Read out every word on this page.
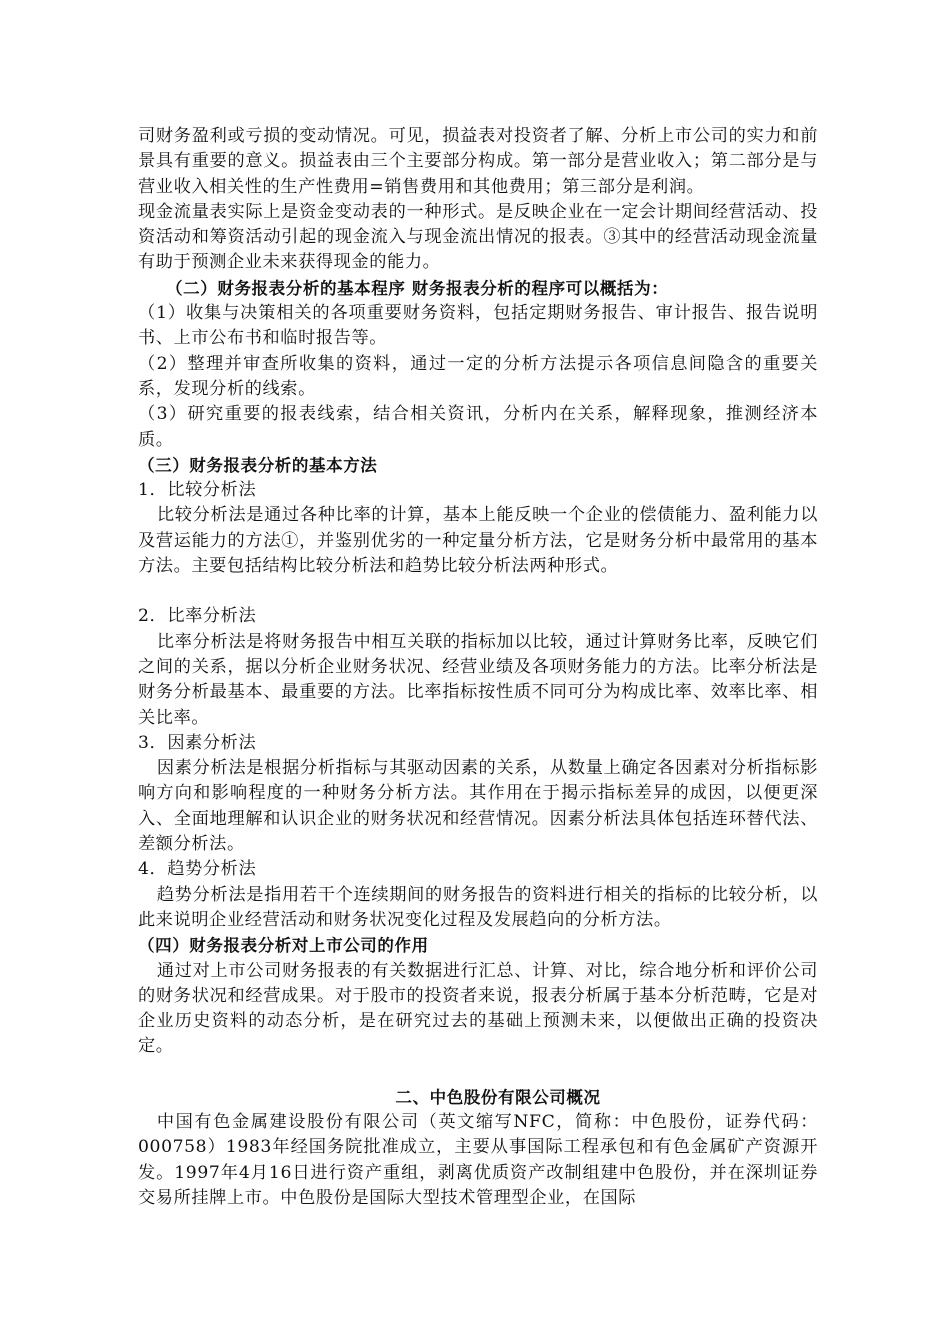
司财务盈利或亏损的变动情况。可见，损益表对投资者了解、分析上市公司的实力和前景具有重要的意义。损益表由三个主要部分构成。第一部分是营业收入；第二部分是与营业收入相关性的生产性费用=销售费用和其他费用；第三部分是利润。

现金流量表实际上是资金变动表的一种形式。是反映企业在一定会计期间经营活动、投资活动和筹资活动引起的现金流入与现金流出情况的报表。③其中的经营活动现金流量有助于预测企业未来获得现金的能力。

（二）财务报表分析的基本程序 财务报表分析的程序可以概括为：

（1）收集与决策相关的各项重要财务资料，包括定期财务报告、审计报告、报告说明书、上市公布书和临时报告等。

（2）整理并审查所收集的资料，通过一定的分析方法提示各项信息间隐含的重要关系，发现分析的线索。

（3）研究重要的报表线索，结合相关资讯，分析内在关系，解释现象，推测经济本质。

（三）财务报表分析的基本方法

1．比较分析法

比较分析法是通过各种比率的计算，基本上能反映一个企业的偿债能力、盈利能力以及营运能力的方法①，并鉴别优劣的一种定量分析方法，它是财务分析中最常用的基本方法。主要包括结构比较分析法和趋势比较分析法两种形式。

2．比率分析法

比率分析法是将财务报告中相互关联的指标加以比较，通过计算财务比率，反映它们之间的关系，据以分析企业财务状况、经营业绩及各项财务能力的方法。比率分析法是财务分析最基本、最重要的方法。比率指标按性质不同可分为构成比率、效率比率、相关比率。

3．因素分析法

因素分析法是根据分析指标与其驱动因素的关系，从数量上确定各因素对分析指标影响方向和影响程度的一种财务分析方法。其作用在于揭示指标差异的成因，以便更深入、全面地理解和认识企业的财务状况和经营情况。因素分析法具体包括连环替代法、差额分析法。

4．趋势分析法

趋势分析法是指用若干个连续期间的财务报告的资料进行相关的指标的比较分析，以此来说明企业经营活动和财务状况变化过程及发展趋向的分析方法。

（四）财务报表分析对上市公司的作用

通过对上市公司财务报表的有关数据进行汇总、计算、对比，综合地分析和评价公司的财务状况和经营成果。对于股市的投资者来说，报表分析属于基本分析范畴，它是对企业历史资料的动态分析，是在研究过去的基础上预测未来，以便做出正确的投资决定。

二、中色股份有限公司概况

中国有色金属建设股份有限公司（英文缩写NFC，简称：中色股份，证券代码：000758）1983年经国务院批准成立，主要从事国际工程承包和有色金属矿产资源开发。1997年4月16日进行资产重组，剥离优质资产改制组建中色股份，并在深圳证券交易所挂牌上市。中色股份是国际大型技术管理型企业，在国际
